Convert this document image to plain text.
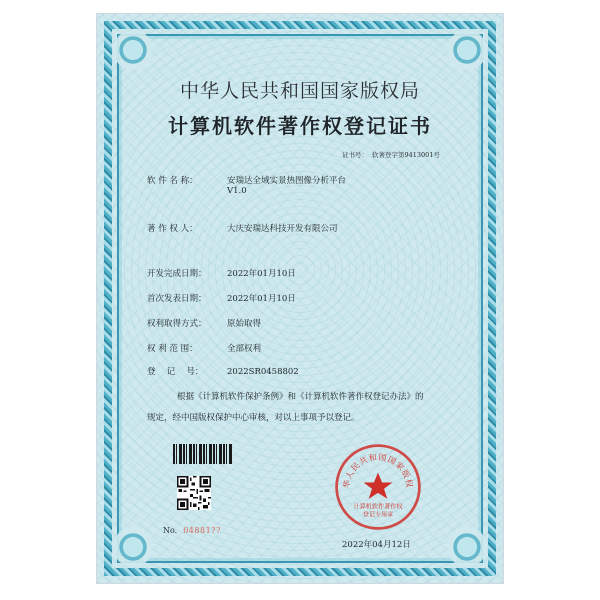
中华人民共和国国家版权局
计算机软件著作权登记证书
证书号： 软著登字第9413001号
软 件 名 称：	安瑞达全域实景热图像分析平台
V1.0
著 作 权 人：	大庆安瑞达科技开发有限公司
开发完成日期： 2022年01月10日
首次发表日期： 2022年01月10日
权利取得方式： 原始取得
权 利 范 围：	全部权利
登　 记　 号：	2022SR0458802
根据《计算机软件保护条例》和《计算机软件著作权登记办法》的
规定，经中国版权保护中心审核，对以上事项予以登记。
No. 04881??
华人民共和国国家版权
计算机软件著作权
登记专用章
2022年04月12日
